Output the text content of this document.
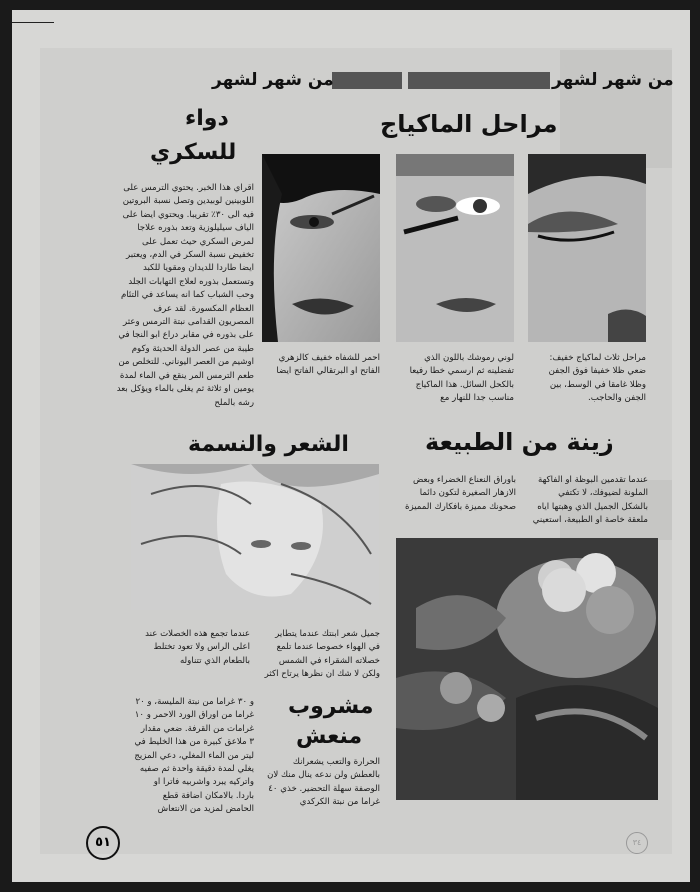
من شهر لشهر	من شهر لشهر
مراحل الماكياج
دواء
للسكري
اقراي هذا الخبر. يحتوي الترمس على اللوبينين لوبيدين وتصل نسبة البروتين فيه الى ٣٠٪ تقريبا. ويحتوي ايضا على الياف سيليلوزية وتعد بذوره علاجا لمرض السكري حيث تعمل على تخفيض نسبة السكر في الدم، ويعتبر ايضا طاردا للديدان ومقويا للكبد وتستعمل بذوره لعلاج التهابات الجلد وحب الشباب كما انه يساعد في التئام العظام المكسورة. لقد عرف المصريون القدامى نبتة الترمس وعثر على بذوره في مقابر دراع ابو النجا في طيبة من عصر الدولة الحديثة وكوم اوشيم من العصر اليوناني. للتخلص من طعم الترمس المر ينقع في الماء لمدة يومين او ثلاثة ثم يغلى بالماء ويؤكل بعد رشه بالملح
مراحل ثلاث لماكياج خفيف: ضعي ظلا خفيفا فوق الجفن وظلا غامقا في الوسط، بين الجفن والحاجب.
لوني رموشك باللون الذي تفضلينه ثم ارسمي خطا رفيعا بالكحل السائل. هذا الماكياج مناسب جدا للنهار مع
احمر للشفاه خفيف كالزهري الفاتح او البرتقالي الفاتح ايضا
زينة من الطبيعة
الشعر والنسمة
عندما تقدمين البوظة او الفاكهة الملونة لضيوفك، لا تكتفي بالشكل الجميل الذي وهبتها اياه ملعقة خاصة او الطبيعة، استعيني
باوراق النعناع الخضراء وبعض الازهار الصغيرة لتكون دائما صحونك مميزة بافكارك المميزة
جميل شعر ابنتك عندما يتطاير في الهواء خصوصا عندما تلمع خصلاته الشقراء في الشمس ولكن لا شك ان نظرها يرتاح اكثر
عندما تجمع هذه الخصلات عند اعلى الراس ولا تعود تختلط بالطعام الذي تتناوله
مشروب
منعش
الحرارة والتعب يشعرانك بالعطش ولن ندعه ينال منك لان الوصفة سهلة التحضير. خذي ٤٠ غراما من نبتة الكركدي
و ٣٠ غراما من نبتة المليسة، و ٢٠ غراما من اوراق الورد الاحمر و ١٠ غرامات من القرفة. ضعي مقدار ٣ ملاعق كبيرة من هذا الخليط في ليتر من الماء المغلي، دعي المزيج يغلي لمدة دقيقة واحدة ثم صفيه واتركيه يبرد واشربيه فاترا او باردا. بالامكان اضافة قطع الحامض لمزيد من الانتعاش
٥١	٣٤
